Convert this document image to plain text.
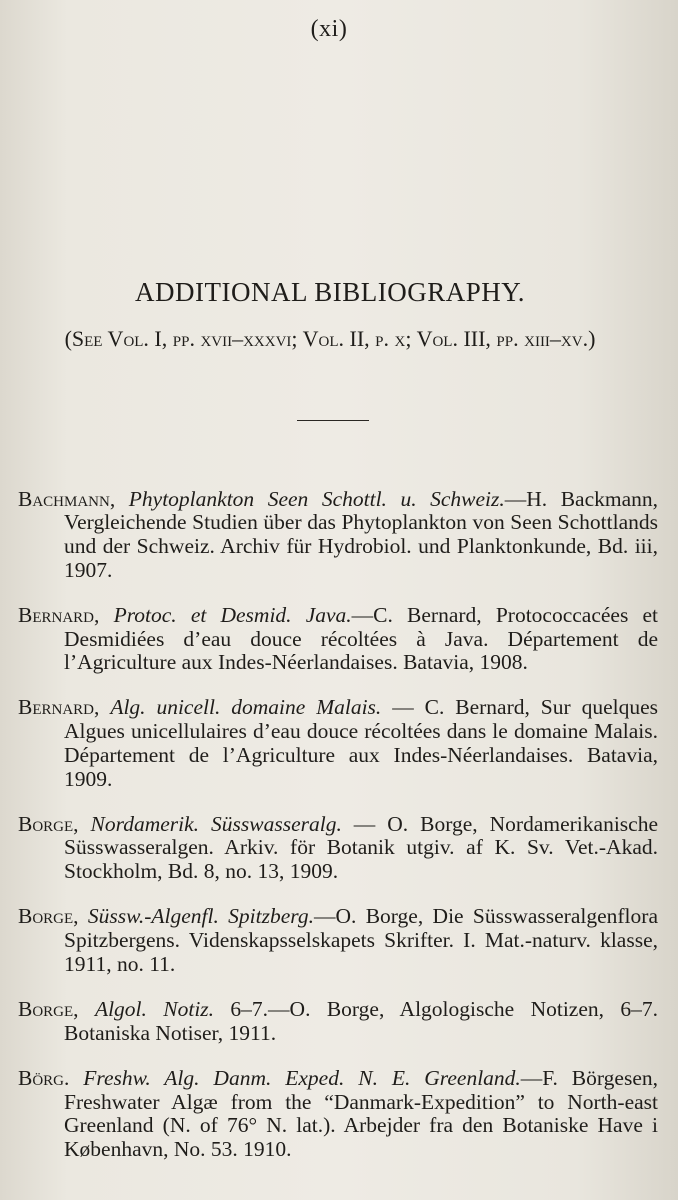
(xi)
ADDITIONAL BIBLIOGRAPHY.
(See Vol. I, pp. xvii–xxxvi; Vol. II, p. x; Vol. III, pp. xiii–xv.)

Bachmann, Phytoplankton Seen Schottl. u. Schweiz.—H. Backmann, Vergleichende Studien über das Phytoplankton von Seen Schottlands und der Schweiz. Archiv für Hydrobiol. und Planktonkunde, Bd. iii, 1907.

Bernard, Protoc. et Desmid. Java.—C. Bernard, Protococcacées et Desmidiées d’eau douce récoltées à Java. Département de l’Agriculture aux Indes-Néerlandaises. Batavia, 1908.

Bernard, Alg. unicell. domaine Malais. — C. Bernard, Sur quelques Algues unicellulaires d’eau douce récoltées dans le domaine Malais. Département de l’Agriculture aux Indes-Néerlandaises. Batavia, 1909.

Borge, Nordamerik. Süsswasseralg. — O. Borge, Nordamerikanische Süsswasseralgen. Arkiv. för Botanik utgiv. af K. Sv. Vet.-Akad. Stockholm, Bd. 8, no. 13, 1909.

Borge, Süssw.-Algenfl. Spitzberg.—O. Borge, Die Süsswasseralgenflora Spitzbergens. Videnskapsselskapets Skrifter. I. Mat.-naturv. klasse, 1911, no. 11.

Borge, Algol. Notiz. 6–7.—O. Borge, Algologische Notizen, 6–7. Botaniska Notiser, 1911.

Börg. Freshw. Alg. Danm. Exped. N. E. Greenland.—F. Börgesen, Freshwater Algæ from the “Danmark-Expedition” to North-east Greenland (N. of 76° N. lat.). Arbejder fra den Botaniske Have i København, No. 53. 1910.
